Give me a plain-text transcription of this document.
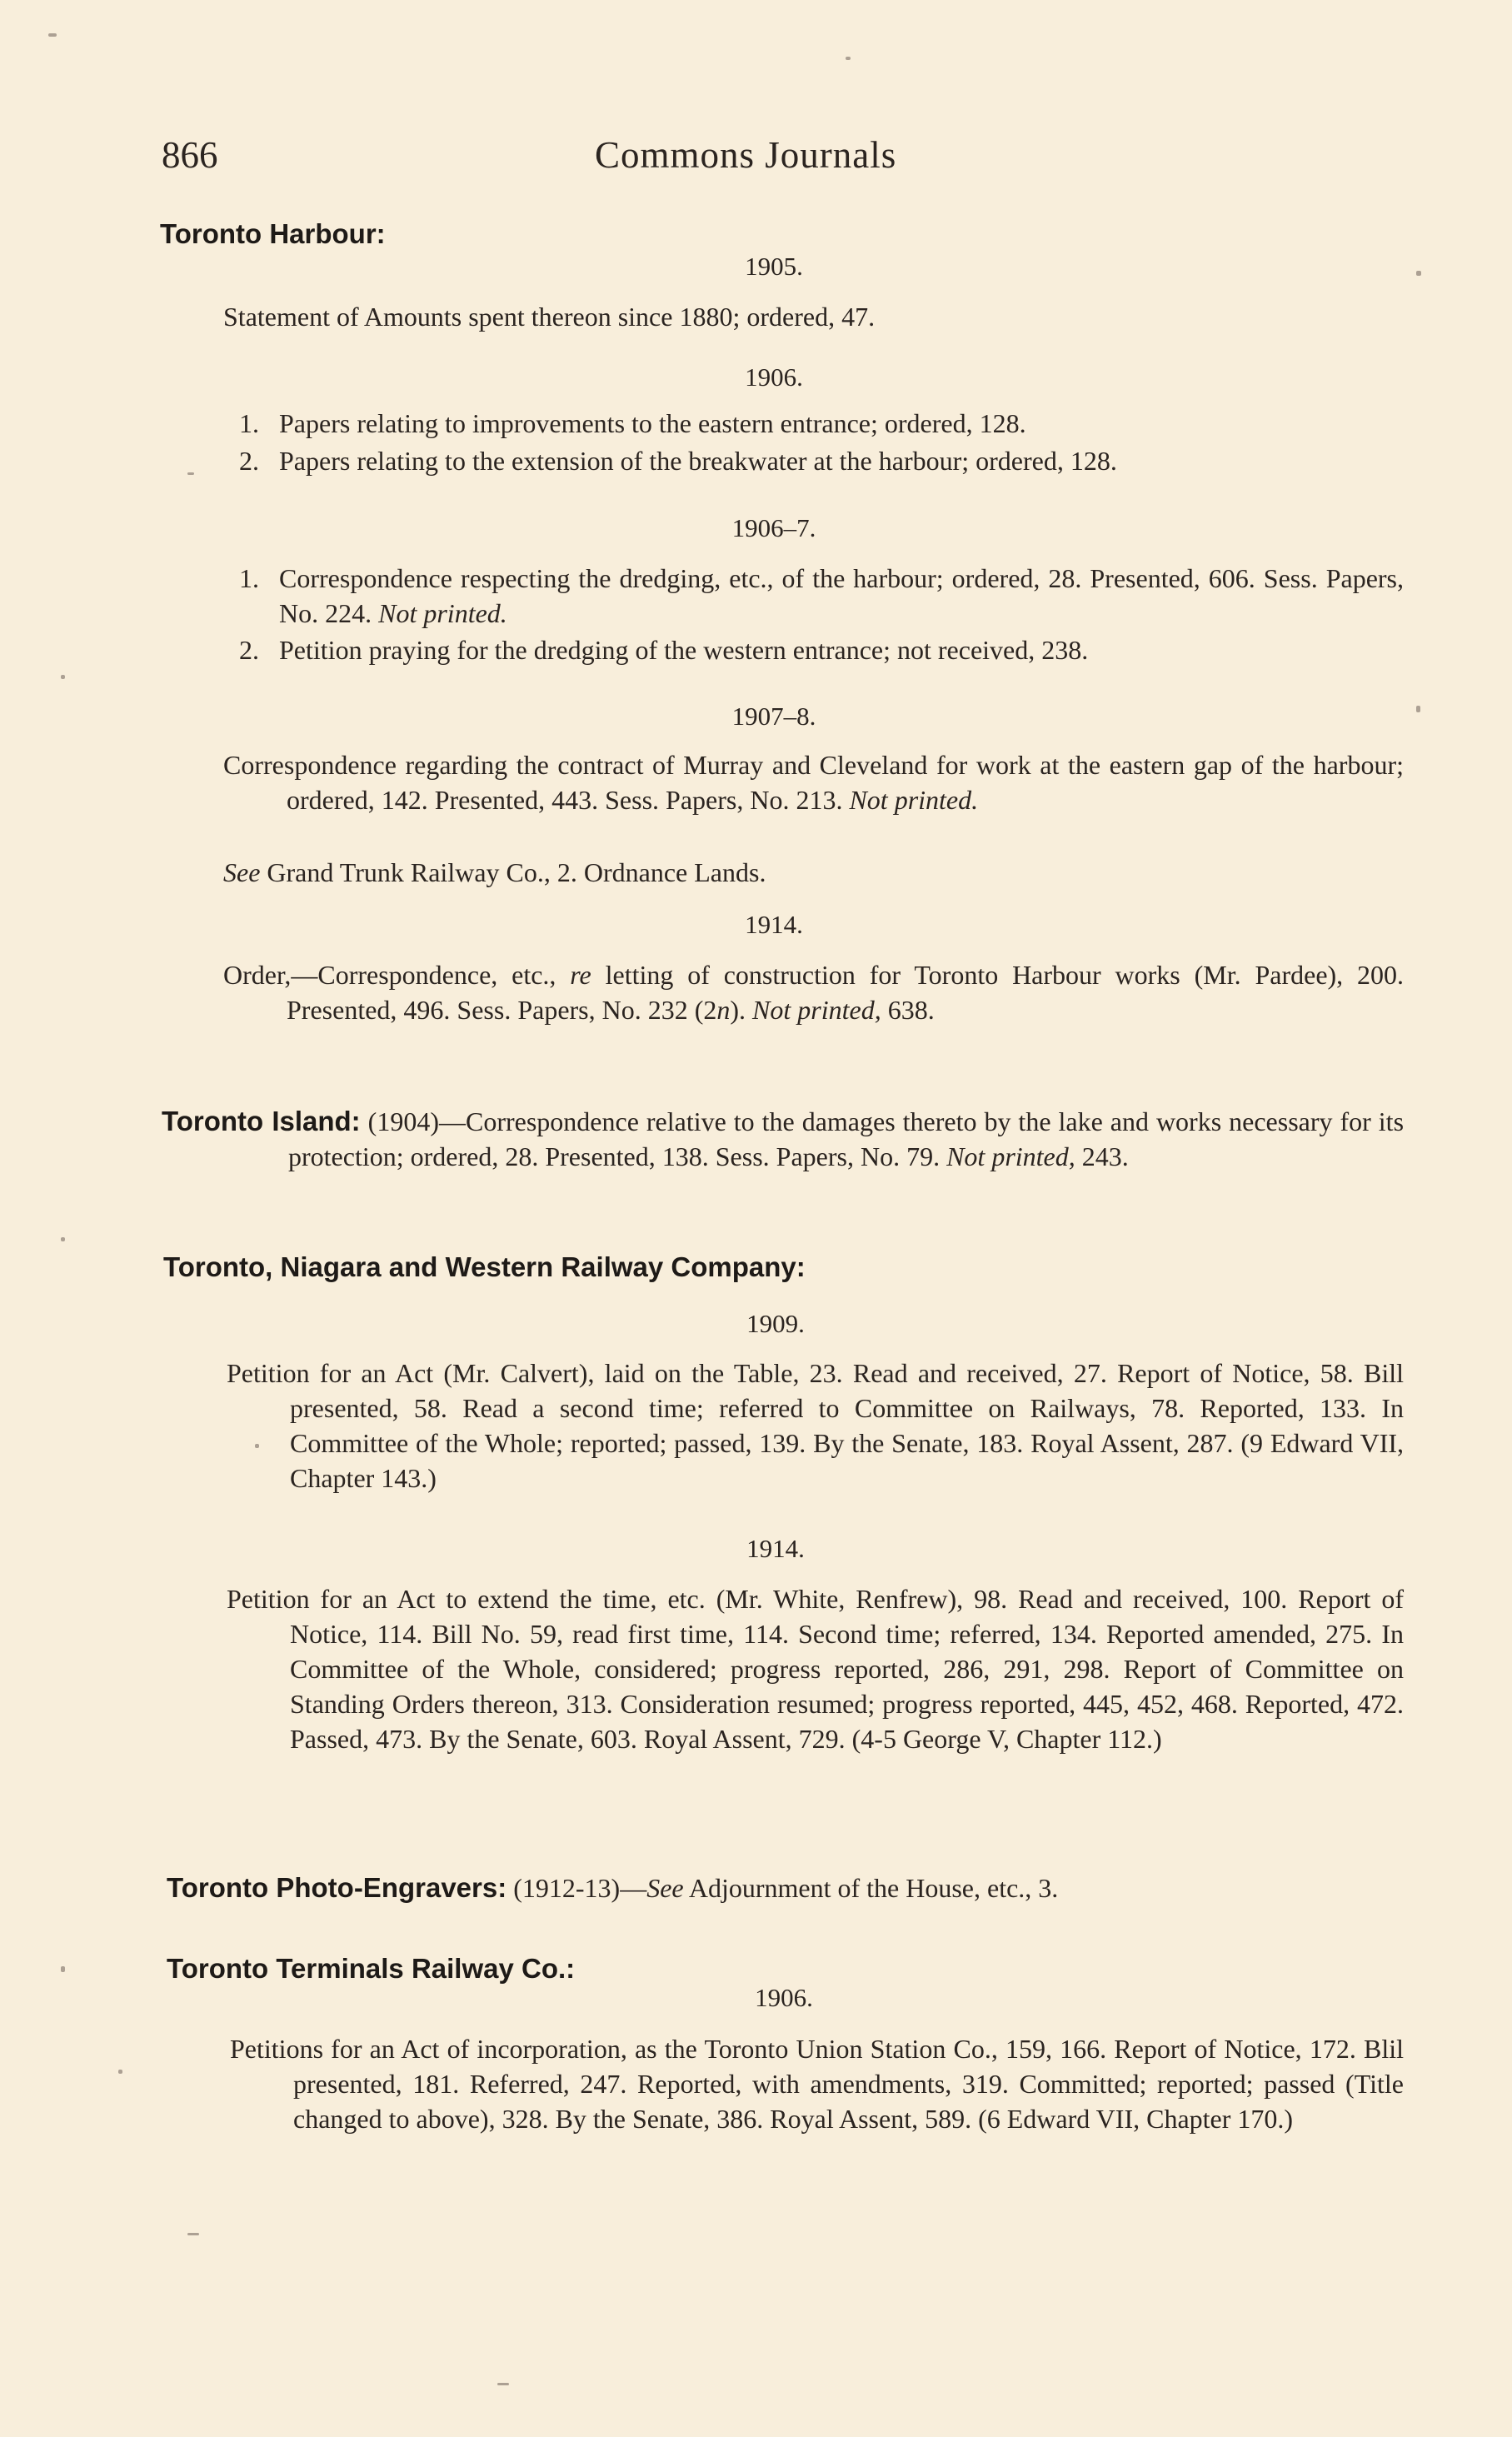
866	Commons Journals
Toronto Harbour:
1905.
Statement of Amounts spent thereon since 1880; ordered, 47.
1906.
1. Papers relating to improvements to the eastern entrance; ordered, 128.
2. Papers relating to the extension of the breakwater at the harbour; ordered, 128.
1906–7.
1. Correspondence respecting the dredging, etc., of the harbour; ordered, 28. Presented, 606. Sess. Papers, No. 224. Not printed.
2. Petition praying for the dredging of the western entrance; not received, 238.
1907–8.
Correspondence regarding the contract of Murray and Cleveland for work at the eastern gap of the harbour; ordered, 142. Presented, 443. Sess. Papers, No. 213. Not printed.
See Grand Trunk Railway Co., 2. Ordnance Lands.
1914.
Order,—Correspondence, etc., re letting of construction for Toronto Harbour works (Mr. Pardee), 200. Presented, 496. Sess. Papers, No. 232 (2n). Not printed, 638.
Toronto Island: (1904)—Correspondence relative to the damages thereto by the lake and works necessary for its protection; ordered, 28. Presented, 138. Sess. Papers, No. 79. Not printed, 243.
Toronto, Niagara and Western Railway Company:
1909.
Petition for an Act (Mr. Calvert), laid on the Table, 23. Read and received, 27. Report of Notice, 58. Bill presented, 58. Read a second time; referred to Committee on Railways, 78. Reported, 133. In Committee of the Whole; reported; passed, 139. By the Senate, 183. Royal Assent, 287. (9 Edward VII, Chapter 143.)
1914.
Petition for an Act to extend the time, etc. (Mr. White, Renfrew), 98. Read and received, 100. Report of Notice, 114. Bill No. 59, read first time, 114. Second time; referred, 134. Reported amended, 275. In Committee of the Whole, considered; progress reported, 286, 291, 298. Report of Committee on Standing Orders thereon, 313. Consideration resumed; progress reported, 445, 452, 468. Reported, 472. Passed, 473. By the Senate, 603. Royal Assent, 729. (4-5 George V, Chapter 112.)
Toronto Photo-Engravers: (1912-13)—See Adjournment of the House, etc., 3.
Toronto Terminals Railway Co.:
1906.
Petitions for an Act of incorporation, as the Toronto Union Station Co., 159, 166. Report of Notice, 172. Blil presented, 181. Referred, 247. Reported, with amendments, 319. Committed; reported; passed (Title changed to above), 328. By the Senate, 386. Royal Assent, 589. (6 Edward VII, Chapter 170.)
